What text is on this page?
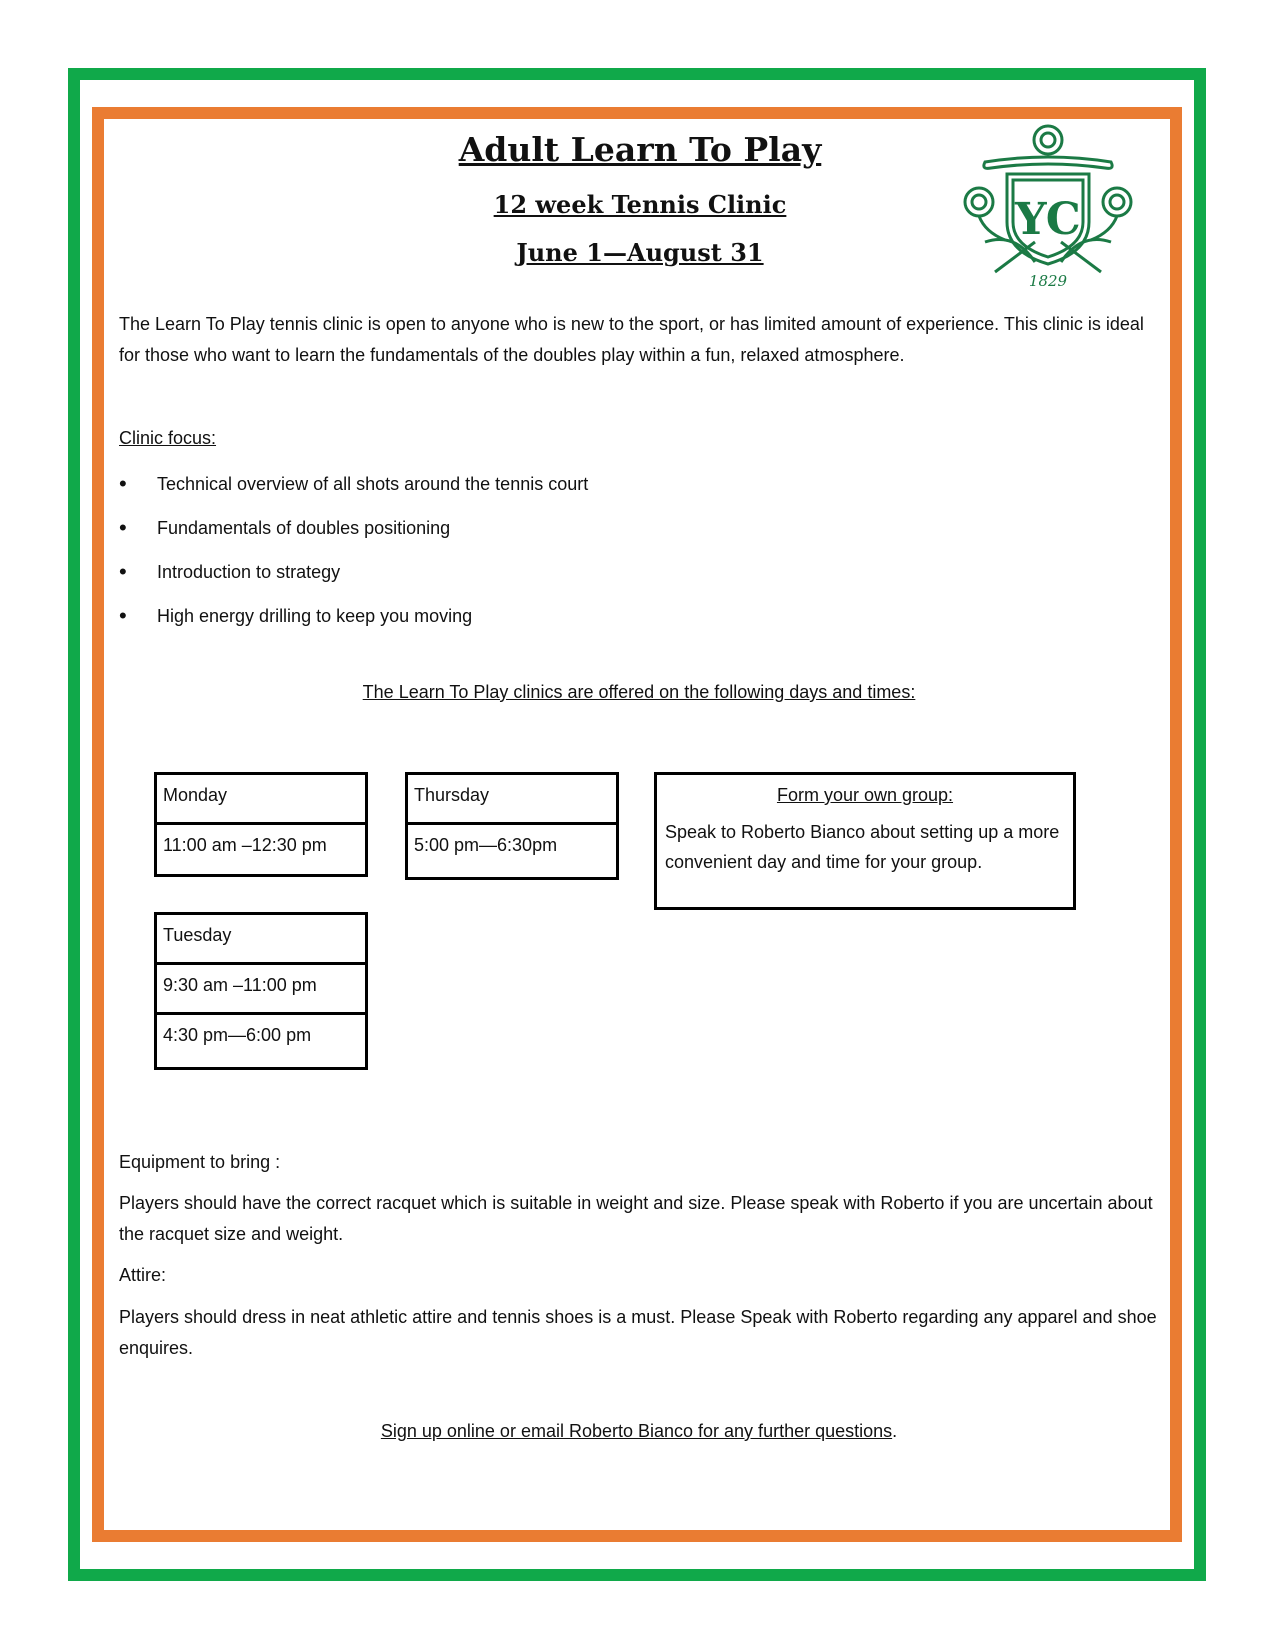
Adult Learn To Play
12 week Tennis Clinic
June 1—August 31
YC
1829

The Learn To Play tennis clinic is open to anyone who is new to the sport, or has limited amount of experience. This clinic is ideal for those who want to learn the fundamentals of the doubles play within a fun, relaxed atmosphere.

Clinic focus:

• Technical overview of all shots around the tennis court
• Fundamentals of doubles positioning
• Introduction to strategy
• High energy drilling to keep you moving
The Learn To Play clinics are offered on the following days and times:
Monday
11:00 am –12:30 pm
Thursday
5:00 pm—6:30pm
Form your own group:
Speak to Roberto Bianco about setting up a more convenient day and time for your group.
Tuesday
9:30 am –11:00 pm
4:30 pm—6:00 pm

Equipment to bring :

Players should have the correct racquet which is suitable in weight and size. Please speak with Roberto if you are uncertain about the racquet size and weight.

Attire:

Players should dress in neat athletic attire and tennis shoes is a must. Please Speak with Roberto regarding any apparel and shoe enquires.

Sign up online or email Roberto Bianco for any further questions.
